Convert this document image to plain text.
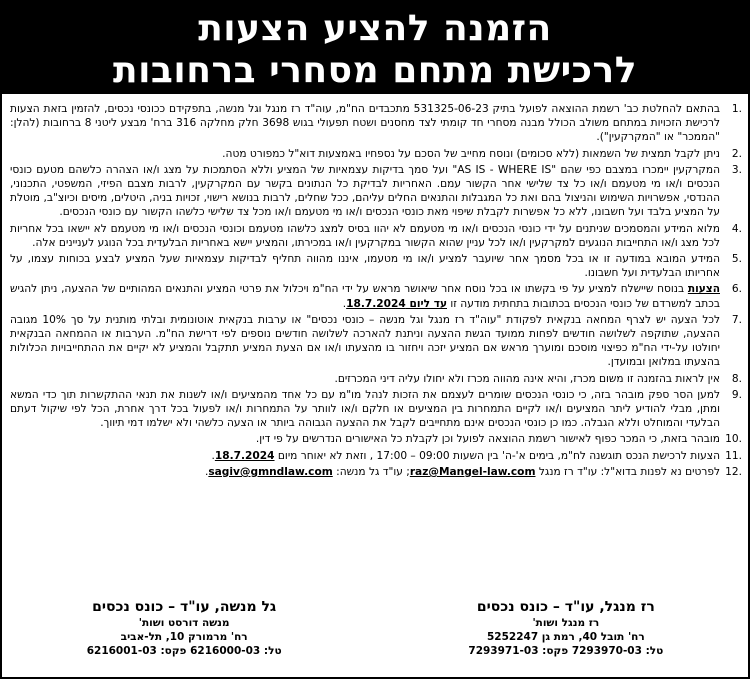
הזמנה להציע הצעות
לרכישת מתחם מסחרי ברחובות
.1
בהתאם להחלטת כב' רשמת ההוצאה לפועל בתיק 531325-06-23 מתכבדים הח"מ, עוה"ד רז מנגל וגל מנשה, בתפקידם ככונסי נכסים, להזמין בזאת הצעות לרכישת הזכויות במתחם משולב הכולל מבנה מסחרי חד קומתי לצד מחסנים ושטח תפעולי בגוש 3698 חלק מחלקה 316 ברח' מבצע ליטני 8 ברחובות (להלן: "הממכר" או "המקרקעין").
.2
ניתן לקבל תמצית של השמאות (ללא סכומים) ונוסח מחייב של הסכם על נספחיו באמצעות דוא"ל כמפורט מטה.
.3
המקרקעין יימכרו במצבם כפי שהם "AS IS - WHERE IS" ועל סמך בדיקות עצמאיות של המציע וללא הסתמכות על מצג ו/או הצהרה כלשהם מטעם כונסי הנכסים ו/או מי מטעמם ו/או כל צד שלישי אחר הקשור עמם. האחריות לבדיקת כל הנתונים בקשר עם המקרקעין, לרבות מצבם הפיזי, המשפטי, התכנוני, ההנדסי, אפשרויות השימוש והניצול בהם ואת כל המגבלות והתנאים החלים עליהם, ככל שחלים, לרבות בנושא רישוי, זכויות בניה, היטלים, מיסים וכיוצ"ב, מוטלת על המציע בלבד ועל חשבונו, ללא כל אפשרות לקבלת שיפוי מאת כונסי הנכסים ו/או מי מטעמם ו/או מכל צד שלישי כלשהו הקשור עם כונסי הנכסים.
.4
מלוא המידע והמסמכים שניתנים על ידי כונסי הנכסים ו/או מי מטעמם לא יהוו בסיס למצג כלשהו מטעמם וכונסי הנכסים ו/או מי מטעמם לא יישאו בכל אחריות לכל מצג ו/או התחייבות הנוגעים למקרקעין ו/או לכל עניין שהוא הקשור במקרקעין ו/או במכירתו, והמציע יישא באחריות הבלעדית בכל הנוגע לעניינים אלה.
.5
המידע המובא במודעה זו או בכל מסמך אחר שיועבר למציע ו/או מי מטעמו, איננו מהווה תחליף לבדיקות עצמאיות שעל המציע לבצע בכוחות עצמו, על אחריותו הבלעדית ועל חשבונו.
.6
הצעות בנוסח שיישלח למציע על פי בקשתו או בכל נוסח אחר שיאושר מראש על ידי הח"מ ויכלול את פרטי המציע והתנאים המהותיים של ההצעה, ניתן להגיש בכתב למשרדם של כונסי הנכסים בכתובות בתחתית מודעה זו עד ליום 18.7.2024.
.7
לכל הצעה יש לצרף המחאה בנקאית לפקודת "עוה"ד רז מנגל וגל מנשה – כונסי נכסים" או ערבות בנקאית אוטונומית ובלתי מותנית על סך 10% מגובה ההצעה, שתוקפה לשלושה חודשים לפחות ממועד הגשת ההצעה וניתנת להארכה לשלושה חודשים נוספים לפי דרישת הח"מ. הערבות או ההמחאה הבנקאית יחולטו על-ידי הח"מ כפיצוי מוסכם ומוערך מראש אם המציע יזכה ויחזור בו מהצעתו ו/או אם הצעת המציע תתקבל והמציע לא יקיים את ההתחייבויות הכלולות בהצעתו במלואן ובמועדן.
.8
אין לראות בהזמנה זו משום מכרז, והיא אינה מהווה מכרז ולא יחולו עליה דיני המכרזים.
.9
למען הסר ספק מובהר בזה, כי כונסי הנכסים שומרים לעצמם את הזכות לנהל מו"מ עם כל אחד מהמציעים ו/או לשנות את תנאי ההתקשרות תוך כדי המשא ומתן, מבלי להודיע ליתר המציעים ו/או לקיים התמחרות בין המציעים או חלקם ו/או לוותר על התמחרות ו/או לפעול בכל דרך אחרת, הכל לפי שיקול דעתם הבלעדי והמוחלט וללא הגבלה. כמו כן כונסי הנכסים אינם מתחייבים לקבל את ההצעה הגבוהה ביותר או הצעה כלשהי ולא ישלמו דמי תיווך.
.10
מובהר בזאת, כי המכר כפוף לאישור רשמת ההוצאה לפועל וכן לקבלת כל האישורים הנדרשים על פי דין.
.11
הצעות לרכישת הנכס תוגשנה לח"מ, בימים א'-ה' בין השעות 09:00 – 17:00 , וזאת לא יאוחר מיום 18.7.2024.
.12
לפרטים נא לפנות בדוא"ל: עו"ד רז מנגל raz@Mangel-law.com; עו"ד גל מנשה: sagiv@gmndlaw.com.
רז מנגל, עו"ד – כונס נכסים
רז מנגל ושות'
רח' תובל 40, רמת גן 5252247
טל: 7293970-03 פקס: 7293971-03
גל מנשה, עו"ד – כונס נכסים
מנשה דורסט ושות'
רח' מרמורק 10, תל-אביב
טל: 6216000-03 פקס: 6216001-03
